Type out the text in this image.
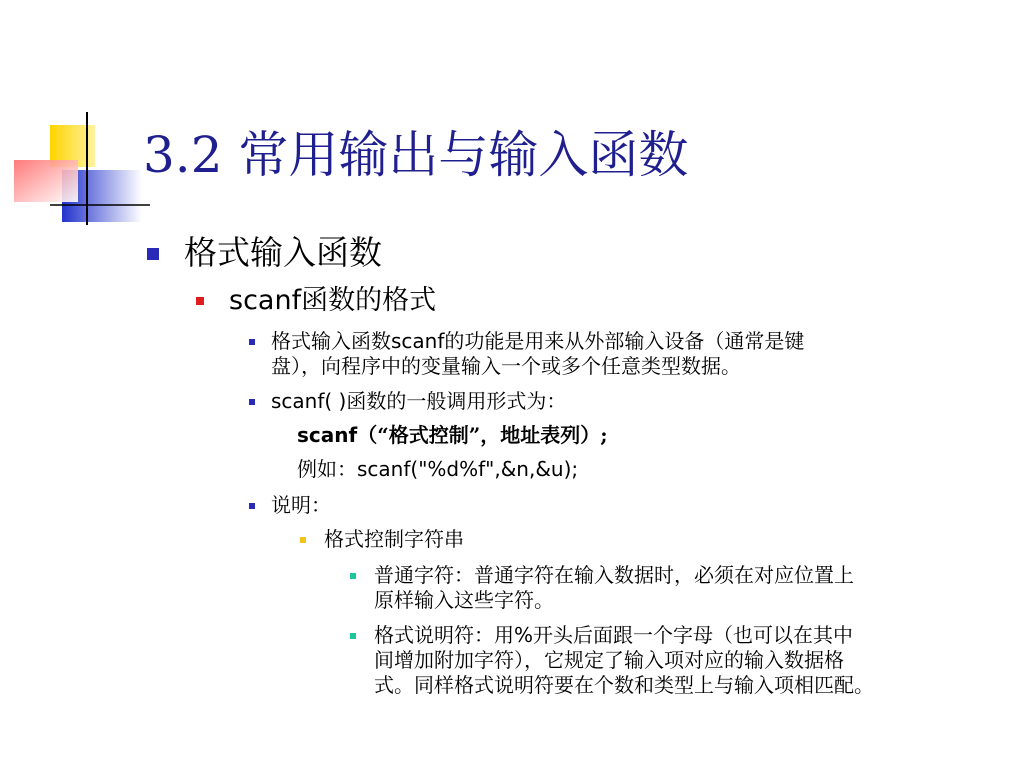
3.2 常用输出与输入函数
格式输入函数
scanf函数的格式
格式输入函数scanf的功能是用来从外部输入设备（通常是键
盘），向程序中的变量输入一个或多个任意类型数据。
scanf( )函数的一般调用形式为：
scanf（“格式控制”，地址表列）;
例如：scanf("%d%f",&n,&u);
说明：
格式控制字符串
普通字符：普通字符在输入数据时，必须在对应位置上
原样输入这些字符。
格式说明符：用%开头后面跟一个字母（也可以在其中
间增加附加字符），它规定了输入项对应的输入数据格
式。同样格式说明符要在个数和类型上与输入项相匹配。
